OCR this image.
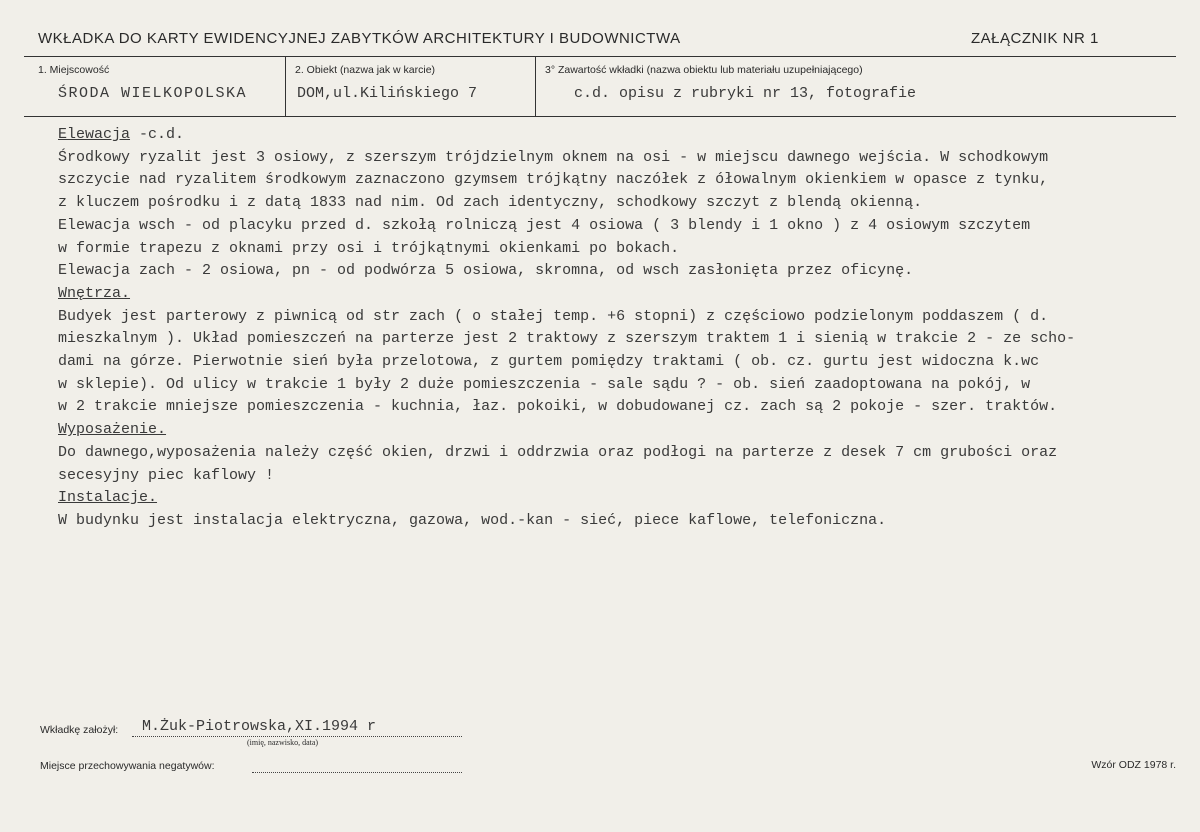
WKŁADKA DO KARTY EWIDENCYJNEJ ZABYTKÓW ARCHITEKTURY I BUDOWNICTWA	ZAŁĄCZNIK NR 1
1. Miejscowość
ŚRODA WIELKOPOLSKA
2. Obiekt (nazwa jak w karcie)
DOM,ul.Kilińskiego 7
3° Zawartość wkładki (nazwa obiektu lub materiału uzupełniającego)
c.d. opisu z rubryki nr 13, fotografie

Elewacja -c.d.

Środkowy ryzalit jest 3 osiowy, z szerszym trójdzielnym oknem na osi - w miejscu dawnego wejścia. W schodkowym

szczycie nad ryzalitem środkowym zaznaczono gzymsem trójkątny naczółek z ółowalnym okienkiem w opasce z tynku,

z kluczem pośrodku i z datą 1833 nad nim. Od zach identyczny, schodkowy szczyt z blendą okienną.

Elewacja wsch - od placyku przed d. szkołą rolniczą jest 4 osiowa ( 3 blendy i 1 okno ) z 4 osiowym szczytem

w formie trapezu z oknami przy osi i trójkątnymi okienkami po bokach.

Elewacja zach - 2 osiowa, pn - od podwórza 5 osiowa, skromna, od wsch zasłonięta przez oficynę.

Wnętrza.

Budyek jest parterowy z piwnicą od str zach ( o stałej temp. +6 stopni) z częściowo podzielonym poddaszem ( d.

mieszkalnym ). Układ pomieszczeń na parterze jest 2 traktowy z szerszym traktem 1 i sienią w trakcie 2 - ze scho-

dami na górze. Pierwotnie sień była przelotowa, z gurtem pomiędzy traktami ( ob. cz. gurtu jest widoczna k.wc

w sklepie). Od ulicy w trakcie 1 były 2 duże pomieszczenia - sale sądu ? - ob. sień zaadoptowana na pokój, w

w 2 trakcie mniejsze pomieszczenia - kuchnia, łaz. pokoiki, w dobudowanej cz. zach są 2 pokoje - szer. traktów.

Wyposażenie.

Do dawnego,wyposażenia należy część okien, drzwi i oddrzwia oraz podłogi na parterze z desek 7 cm grubości oraz

secesyjny piec kaflowy !

Instalacje.

W budynku jest instalacja elektryczna, gazowa, wod.-kan - sieć, piece kaflowe, telefoniczna.

Wkładkę założył: M.Żuk-Piotrowska,XI.1994 r
(imię, nazwisko, data)
Miejsce przechowywania negatywów:	Wzór ODZ 1978 r.
